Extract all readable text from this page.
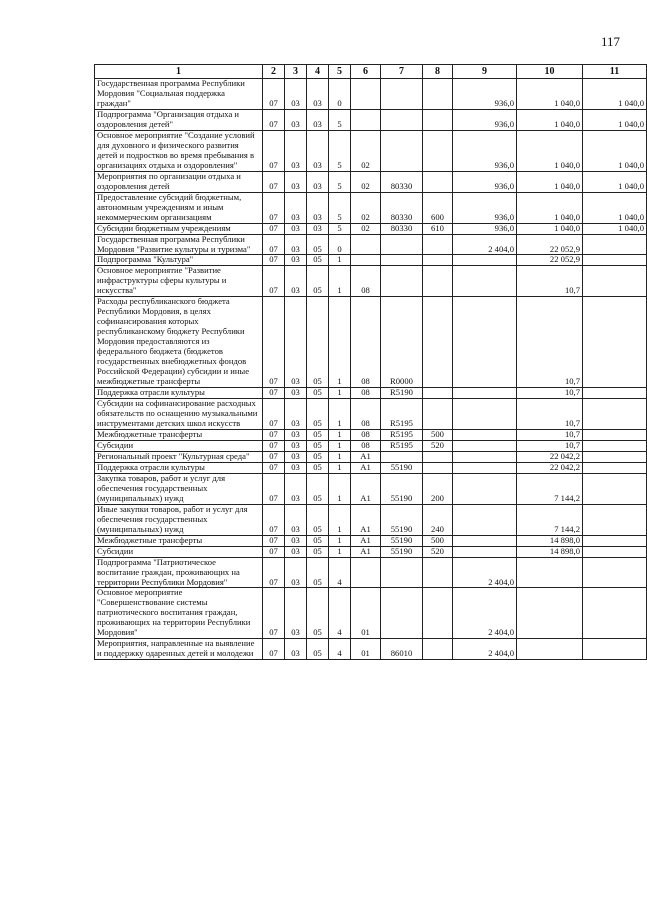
117
1	2	3	4	5	6	7	8	9	10	11
Государственная программа Республики Мордовия "Социальная поддержка граждан"	07	03	03	0				936,0	1 040,0	1 040,0
Подпрограмма "Организация отдыха и оздоровления детей"	07	03	03	5				936,0	1 040,0	1 040,0
Основное мероприятие "Создание условий для духовного и физического развития детей и подростков во время пребывания в организациях отдыха и оздоровления"	07	03	03	5	02			936,0	1 040,0	1 040,0
Мероприятия по организации отдыха и оздоровления детей	07	03	03	5	02	80330		936,0	1 040,0	1 040,0
Предоставление субсидий бюджетным, автономным учреждениям и иным некоммерческим организациям	07	03	03	5	02	80330	600	936,0	1 040,0	1 040,0
Субсидии бюджетным учреждениям	07	03	03	5	02	80330	610	936,0	1 040,0	1 040,0
Государственная программа Республики Мордовия "Развитие культуры и туризма"	07	03	05	0				2 404,0	22 052,9	
Подпрограмма "Культура"	07	03	05	1					22 052,9	
Основное мероприятие "Развитие инфраструктуры сферы культуры и искусства"	07	03	05	1	08				10,7	
Расходы республиканского бюджета Республики Мордовия, в целях софинансирования которых республиканскому бюджету Республики Мордовия предоставляются из федерального бюджета (бюджетов государственных внебюджетных фондов Российской Федерации) субсидии и иные межбюджетные трансферты	07	03	05	1	08	R0000			10,7	
Поддержка отрасли культуры	07	03	05	1	08	R5190			10,7	
Субсидии на софинансирование расходных обязательств по оснащению музыкальными инструментами детских школ искусств	07	03	05	1	08	R5195			10,7	
Межбюджетные трансферты	07	03	05	1	08	R5195	500		10,7	
Субсидии	07	03	05	1	08	R5195	520		10,7	
Региональный проект "Культурная среда"	07	03	05	1	A1				22 042,2	
Поддержка отрасли культуры	07	03	05	1	A1	55190			22 042,2	
Закупка товаров, работ и услуг для обеспечения государственных (муниципальных) нужд	07	03	05	1	A1	55190	200		7 144,2	
Иные закупки товаров, работ и услуг для обеспечения государственных (муниципальных) нужд	07	03	05	1	A1	55190	240		7 144,2	
Межбюджетные трансферты	07	03	05	1	A1	55190	500		14 898,0	
Субсидии	07	03	05	1	A1	55190	520		14 898,0	
Подпрограмма "Патриотическое воспитание граждан, проживающих на территории Республики Мордовия"	07	03	05	4				2 404,0		
Основное мероприятие "Совершенствование системы патриотического воспитания граждан, проживающих на территории Республики Мордовия"	07	03	05	4	01			2 404,0		
Мероприятия, направленные на выявление и поддержку одаренных детей и молодежи	07	03	05	4	01	86010		2 404,0		
